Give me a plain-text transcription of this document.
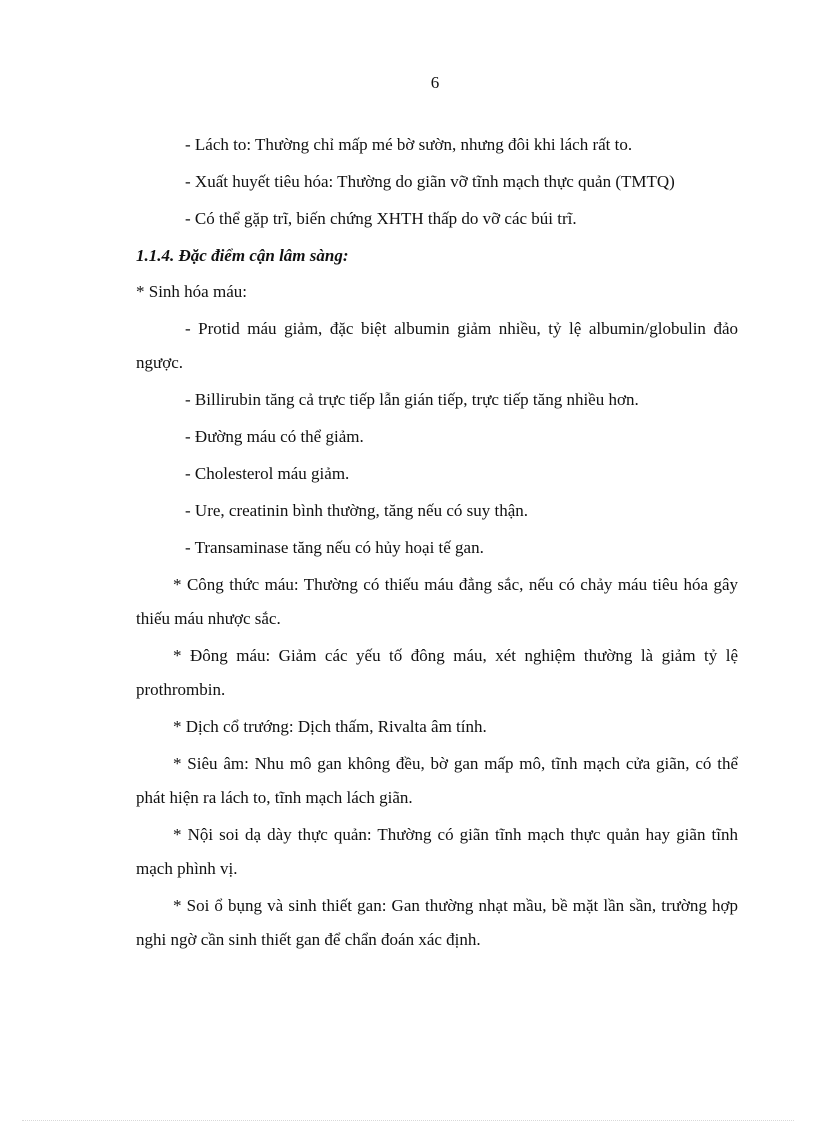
6

- Lách to: Thường chỉ mấp mé bờ sườn, nhưng đôi khi lách rất to.

- Xuất huyết tiêu hóa: Thường do giãn vỡ tĩnh mạch thực quản (TMTQ)

- Có thể gặp trĩ, biến chứng XHTH thấp do vỡ các búi trĩ.

1.1.4. Đặc điểm cận lâm sàng:

* Sinh hóa máu:

- Protid máu giảm, đặc biệt albumin giảm nhiều, tỷ lệ albumin/globulin đảo ngược.

- Billirubin tăng cả trực tiếp lẫn gián tiếp, trực tiếp tăng nhiều hơn.

- Đường máu có thể giảm.

- Cholesterol máu giảm.

- Ure, creatinin bình thường, tăng nếu có suy thận.

- Transaminase tăng nếu có hủy hoại tế gan.

* Công thức máu: Thường có thiếu máu đẳng sắc, nếu có chảy máu tiêu hóa gây thiếu máu nhược sắc.

* Đông máu: Giảm các yếu tố đông máu, xét nghiệm thường là giảm tỷ lệ prothrombin.

* Dịch cổ trướng: Dịch thấm, Rivalta âm tính.

* Siêu âm: Nhu mô gan không đều, bờ gan mấp mô, tĩnh mạch cửa giãn, có thể phát hiện ra lách to, tĩnh mạch lách giãn.

* Nội soi dạ dày thực quản: Thường có giãn tĩnh mạch thực quản hay giãn tĩnh mạch phình vị.

* Soi ổ bụng và sinh thiết gan: Gan thường nhạt mầu, bề mặt lần sần, trường hợp nghi ngờ cần sinh thiết gan để chẩn đoán xác định.
